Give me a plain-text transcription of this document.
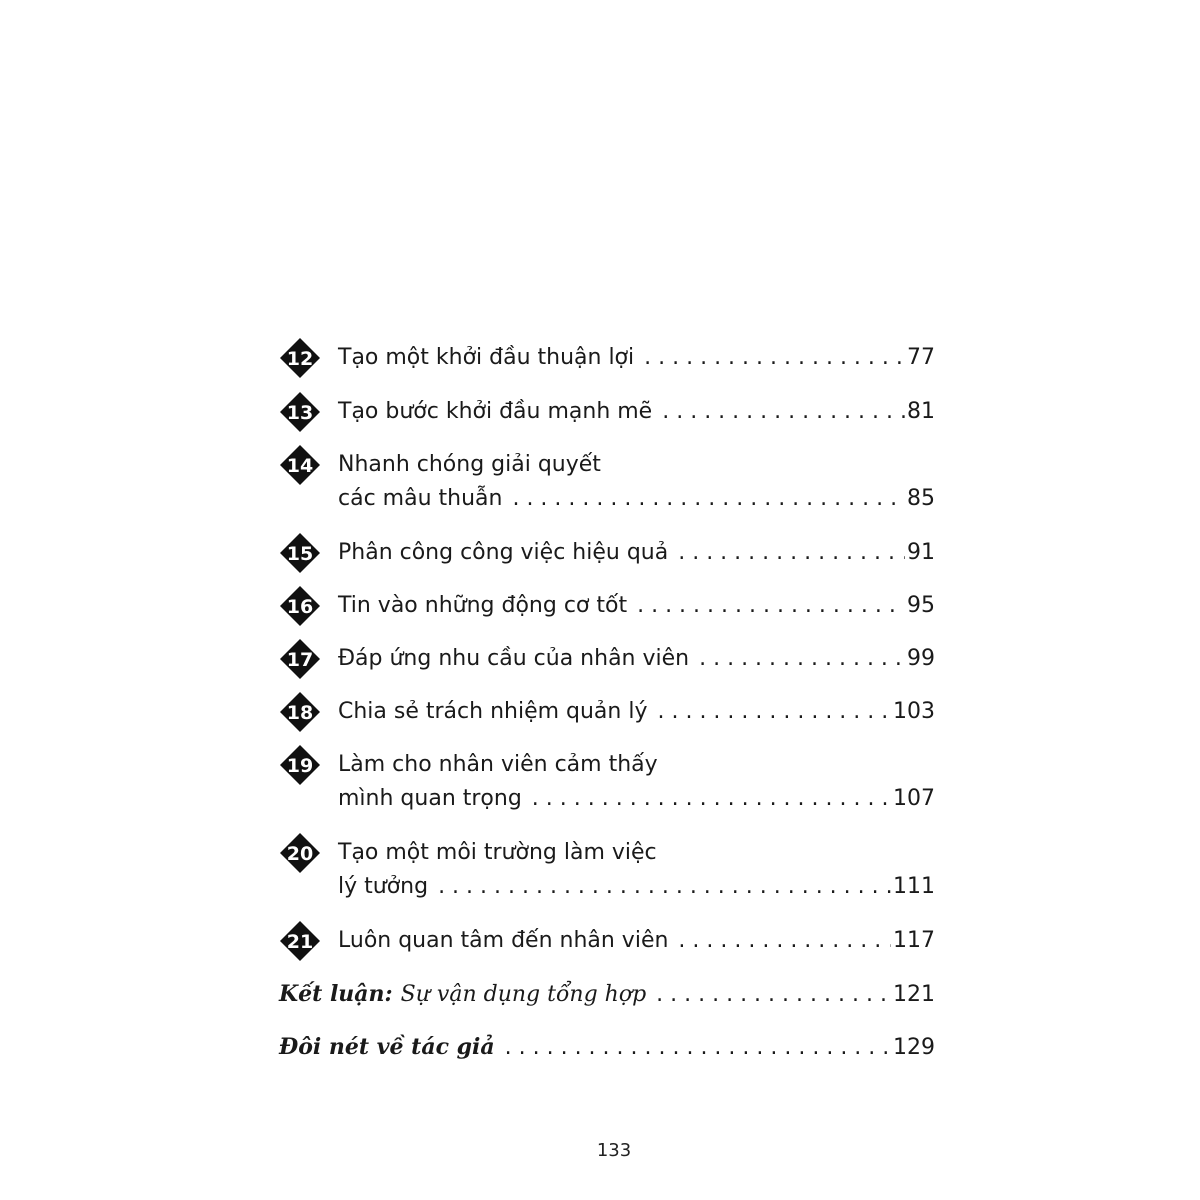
12 Tạo một khởi đầu thuận lợi . . .	77
13 Tạo bước khởi đầu mạnh mẽ . . .	81
14 Nhanh chóng giải quyết
các mâu thuẫn . . .	85
15 Phân công công việc hiệu quả . . .	91
16 Tin vào những động cơ tốt . . .	95
17 Đáp ứng nhu cầu của nhân viên . . .	99
18 Chia sẻ trách nhiệm quản lý . . .	103
19 Làm cho nhân viên cảm thấy
mình quan trọng . . .	107
20 Tạo một môi trường làm việc
lý tưởng . . .	111
21 Luôn quan tâm đến nhân viên . . .	117
Kết luận: Sự vận dụng tổng hợp . . .	121
Đôi nét về tác giả . . .	129
133
